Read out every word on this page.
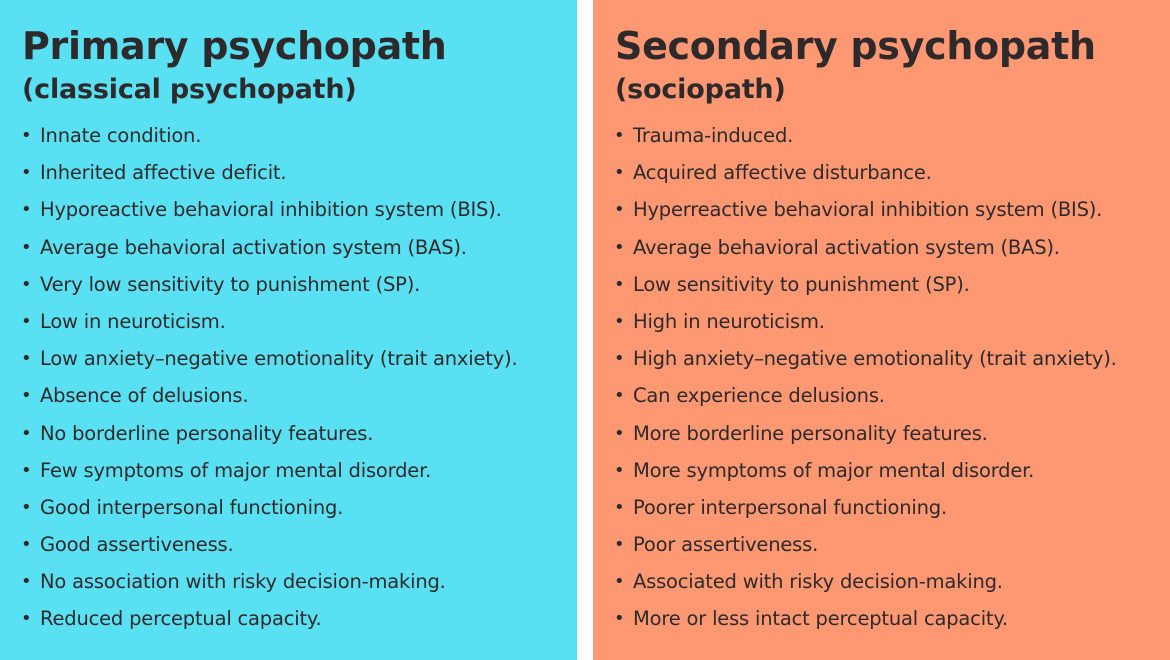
Primary psychopath
(classical psychopath)
• Innate condition.
• Inherited affective deficit.
• Hyporeactive behavioral inhibition system (BIS).
• Average behavioral activation system (BAS).
• Very low sensitivity to punishment (SP).
• Low in neuroticism.
• Low anxiety–negative emotionality (trait anxiety).
• Absence of delusions.
• No borderline personality features.
• Few symptoms of major mental disorder.
• Good interpersonal functioning.
• Good assertiveness.
• No association with risky decision-making.
• Reduced perceptual capacity.
Secondary psychopath
(sociopath)
• Trauma-induced.
• Acquired affective disturbance.
• Hyperreactive behavioral inhibition system (BIS).
• Average behavioral activation system (BAS).
• Low sensitivity to punishment (SP).
• High in neuroticism.
• High anxiety–negative emotionality (trait anxiety).
• Can experience delusions.
• More borderline personality features.
• More symptoms of major mental disorder.
• Poorer interpersonal functioning.
• Poor assertiveness.
• Associated with risky decision-making.
• More or less intact perceptual capacity.
